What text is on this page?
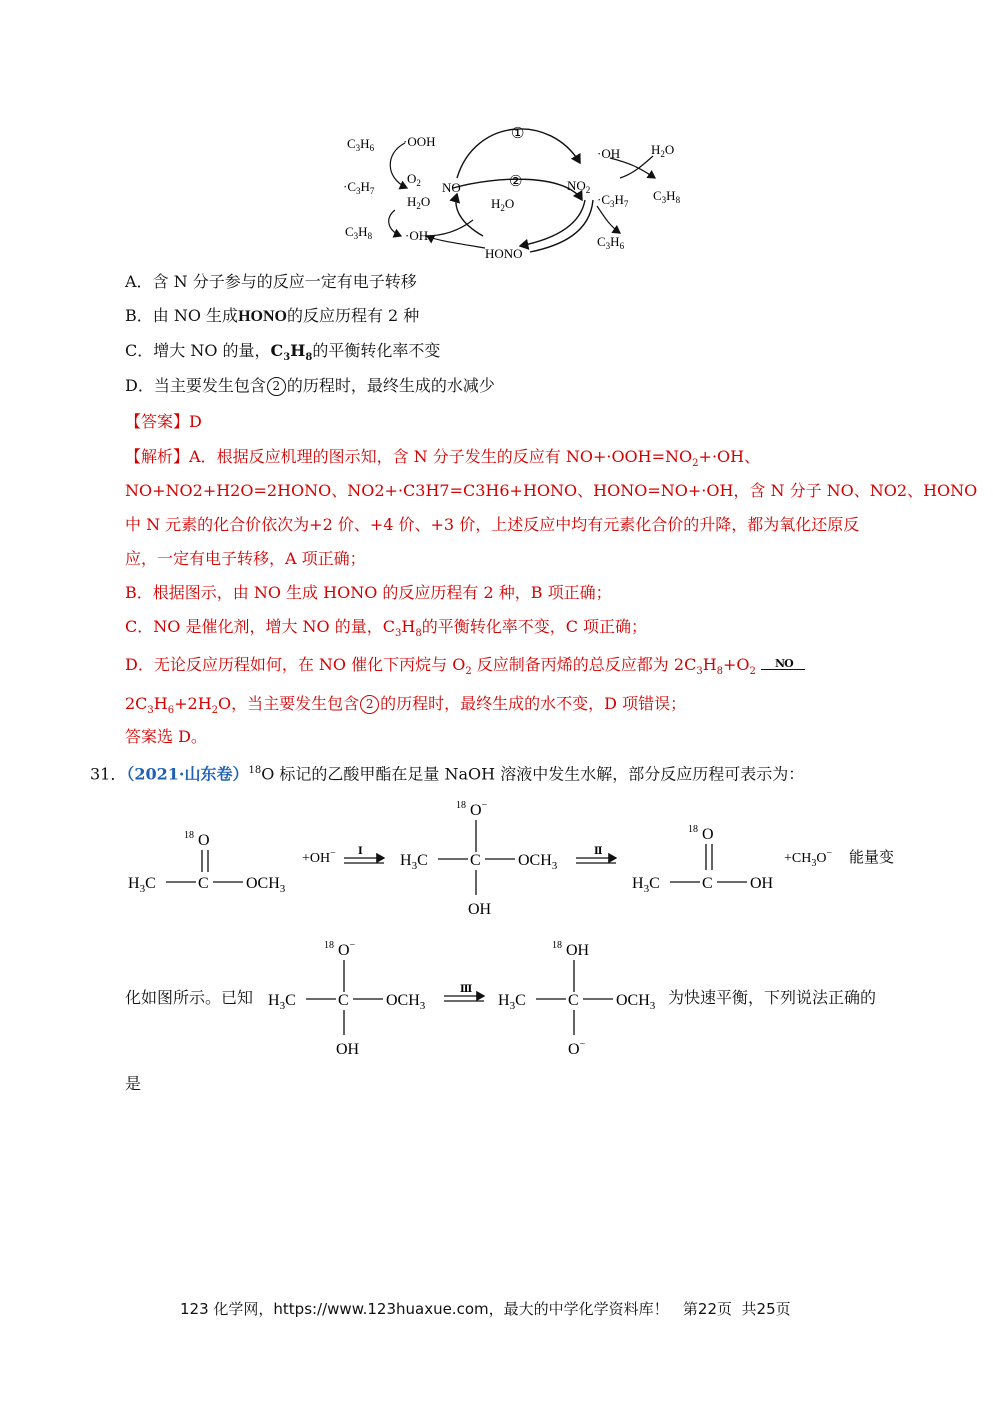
$C_3H_6 \cdot OOH$
$\cdot C_3H_7$
$O_2$
$H_2O$
$C_3H_8$	·OH
NO
①
②
$H_2O$
HONO
$NO_2$
·OH $H_2O$
$C_3H_8$
$\cdot C_3H_7$
$C_3H_6$
A．含 N 分子参与的反应一定有电子转移
B．由 NO 生成HONO的反应历程有 2 种
C．增大 NO 的量，$C_3H_8$的平衡转化率不变
D．当主要发生包含 2 的历程时，最终生成的水减少
【答案】D
【解析】A．根据反应机理的图示知，含 N 分子发生的反应有 $NO+\cdot OOH=NO_2+\cdot OH$、
NO+NO2+H2O=2HONO、NO2+·C3H7=C3H6+HONO、HONO=NO+·OH，含 N 分子 NO、NO2、HONO
中 N 元素的化合价依次为+2 价、+4 价、+3 价，上述反应中均有元素化合价的升降，都为氧化还原反
应，一定有电子转移，A 项正确；
B．根据图示，由 NO 生成 HONO 的反应历程有 2 种，B 项正确；
C．NO 是催化剂，增大 NO 的量，$C_3H_8$的平衡转化率不变，C 项正确；
D．无论反应历程如何，在 NO 催化下丙烷与 $O_2$ 反应制备丙烯的总反应都为 $2C_3H_8+O_2$
NO
$2C_3H_6+2H_2O$，当主要发生包含 2 的历程时，最终生成的水不变，D 项错误；
答案选 D。
31．（2021·山东卷）$^{18}$O 标记的乙酸甲酯在足量 NaOH 溶液中发生水解，部分反应历程可表示为：
18 O
$H_3C$	C $OCH_3$
+OH− Ⅰ
18 O−
$H_3C$	C $OCH_3$
OH
Ⅱ
18 O
$H_3C$	C OH
$+CH_3O^-$ 能量变
化如图所示。已知
18 O−
$H_3C$	C $OCH_3$
OH
Ⅲ
18 OH
$H_3C$	C $OCH_3$
O−
为快速平衡，下列说法正确的
是
123 化学网，https://www.123huaxue.com，最大的中学化学资料库！   第22页  共25页
